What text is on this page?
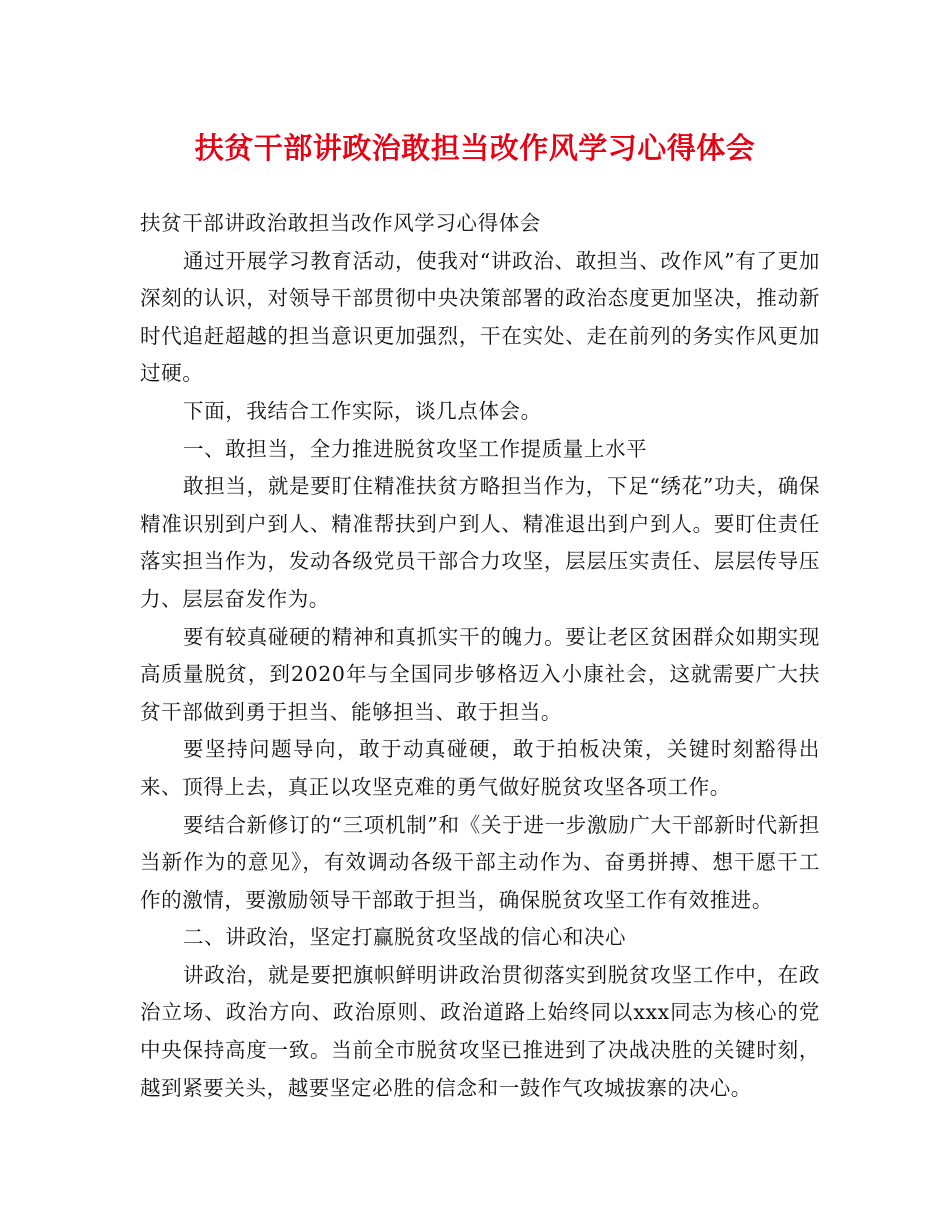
扶贫干部讲政治敢担当改作风学习心得体会

扶贫干部讲政治敢担当改作风学习心得体会

通过开展学习教育活动，使我对“讲政治、敢担当、改作风”有了更加深刻的认识，对领导干部贯彻中央决策部署的政治态度更加坚决，推动新时代追赶超越的担当意识更加强烈，干在实处、走在前列的务实作风更加过硬。

下面，我结合工作实际，谈几点体会。

一、敢担当，全力推进脱贫攻坚工作提质量上水平

敢担当，就是要盯住精准扶贫方略担当作为，下足“绣花”功夫，确保精准识别到户到人、精准帮扶到户到人、精准退出到户到人。要盯住责任落实担当作为，发动各级党员干部合力攻坚，层层压实责任、层层传导压力、层层奋发作为。

要有较真碰硬的精神和真抓实干的魄力。要让老区贫困群众如期实现高质量脱贫，到2020年与全国同步够格迈入小康社会，这就需要广大扶贫干部做到勇于担当、能够担当、敢于担当。

要坚持问题导向，敢于动真碰硬，敢于拍板决策，关键时刻豁得出来、顶得上去，真正以攻坚克难的勇气做好脱贫攻坚各项工作。

要结合新修订的“三项机制”和《关于进一步激励广大干部新时代新担当新作为的意见》，有效调动各级干部主动作为、奋勇拼搏、想干愿干工作的激情，要激励领导干部敢于担当，确保脱贫攻坚工作有效推进。

二、讲政治，坚定打赢脱贫攻坚战的信心和决心

讲政治，就是要把旗帜鲜明讲政治贯彻落实到脱贫攻坚工作中，在政治立场、政治方向、政治原则、政治道路上始终同以xxx同志为核心的党中央保持高度一致。当前全市脱贫攻坚已推进到了决战决胜的关键时刻，越到紧要关头，越要坚定必胜的信念和一鼓作气攻城拔寨的决心。
